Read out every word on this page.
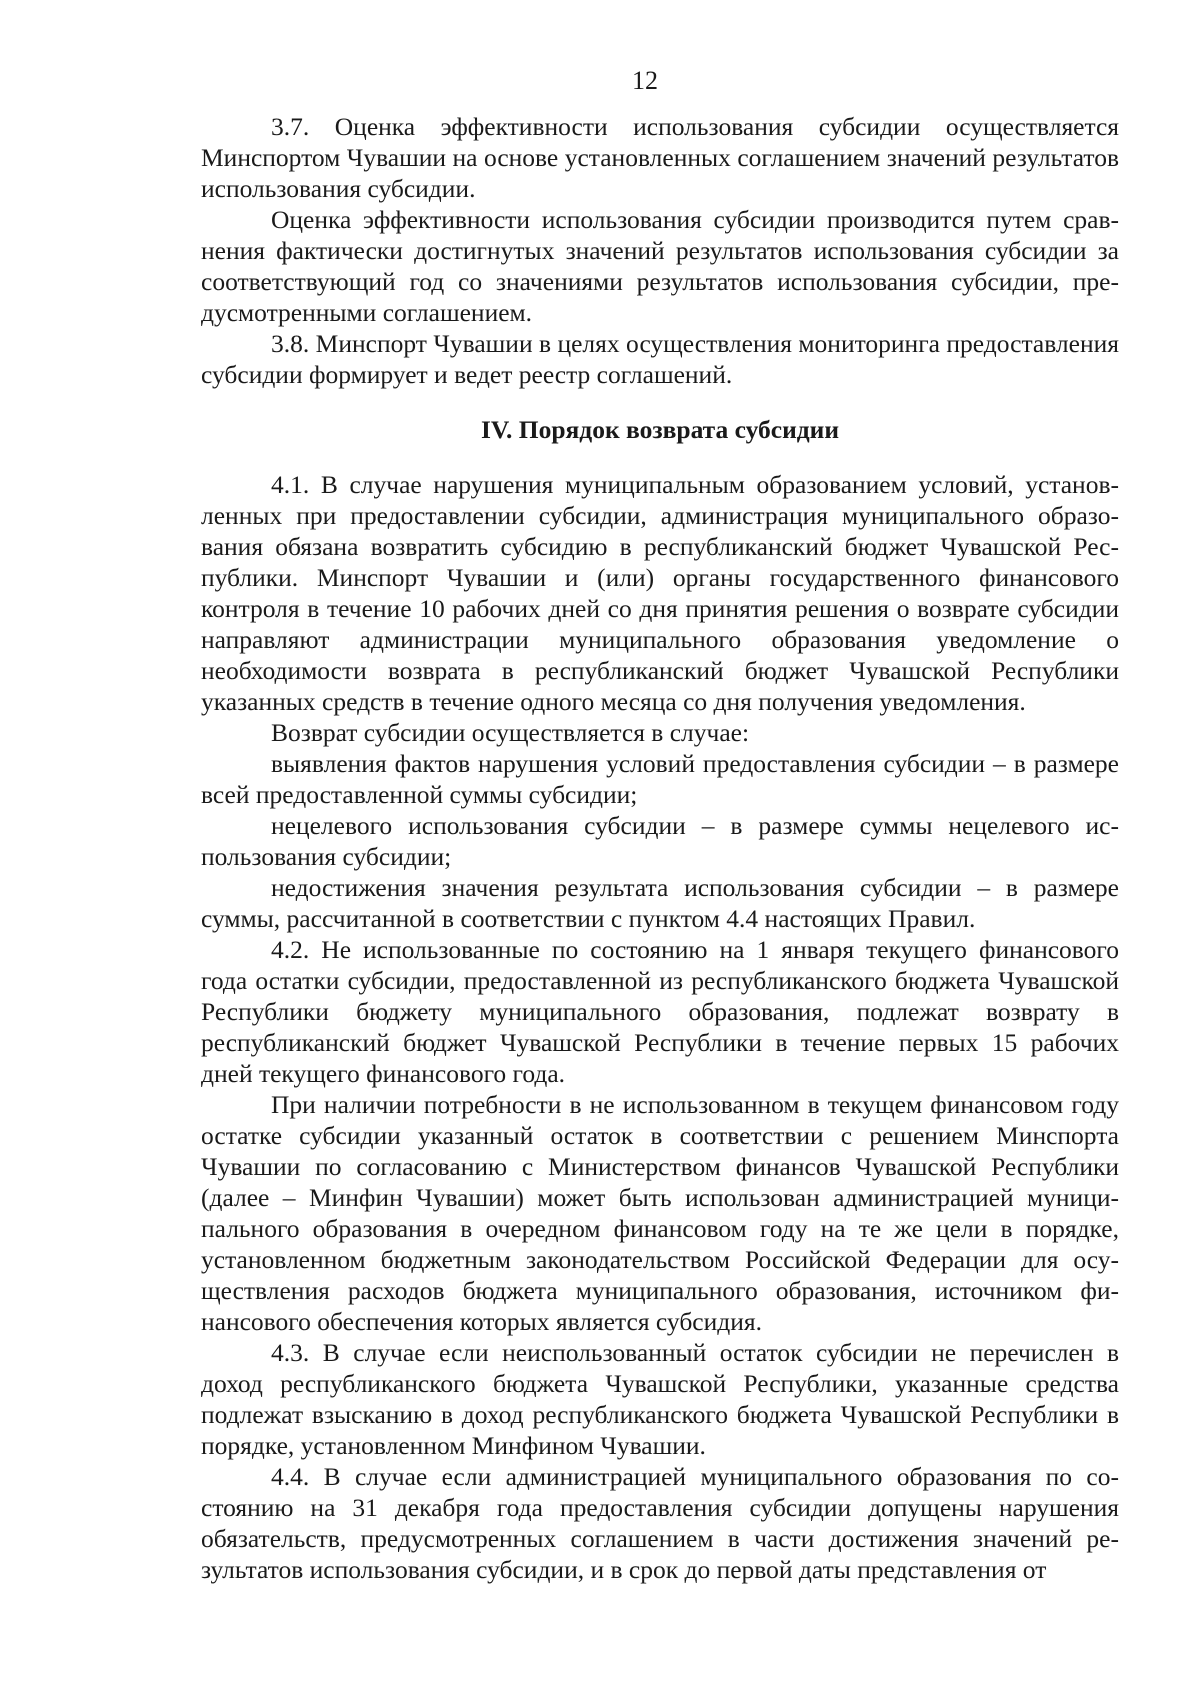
12

3.7. Оценка эффективности использования субсидии осуществляется Минспортом Чувашии на основе установленных соглашением значений результатов использования субсидии.

Оценка эффективности использования субсидии производится путем сравнения фактически достигнутых значений результатов использования субсидии за соответствующий год со значениями результатов использования субсидии, предусмотренными соглашением.

3.8. Минспорт Чувашии в целях осуществления мониторинга предоставления субсидии формирует и ведет реестр соглашений.

IV. Порядок возврата субсидии

4.1. В случае нарушения муниципальным образованием условий, установленных при предоставлении субсидии, администрация муниципального образования обязана возвратить субсидию в республиканский бюджет Чувашской Республики. Минспорт Чувашии и (или) органы государственного финансового контроля в течение 10 рабочих дней со дня принятия решения о возврате субсидии направляют администрации муниципального образования уведомление о необходимости возврата в республиканский бюджет Чувашской Республики указанных средств в течение одного месяца со дня получения уведомления.

Возврат субсидии осуществляется в случае:

выявления фактов нарушения условий предоставления субсидии – в размере всей предоставленной суммы субсидии;

нецелевого использования субсидии – в размере суммы нецелевого использования субсидии;

недостижения значения результата использования субсидии – в размере суммы, рассчитанной в соответствии с пунктом 4.4 настоящих Правил.

4.2. Не использованные по состоянию на 1 января текущего финансового года остатки субсидии, предоставленной из республиканского бюджета Чувашской Республики бюджету муниципального образования, подлежат возврату в республиканский бюджет Чувашской Республики в течение первых 15 рабочих дней текущего финансового года.

При наличии потребности в не использованном в текущем финансовом году остатке субсидии указанный остаток в соответствии с решением Минспорта Чувашии по согласованию с Министерством финансов Чувашской Республики (далее – Минфин Чувашии) может быть использован администрацией муниципального образования в очередном финансовом году на те же цели в порядке, установленном бюджетным законодательством Российской Федерации для осуществления расходов бюджета муниципального образования, источником финансового обеспечения которых является субсидия.

4.3. В случае если неиспользованный остаток субсидии не перечислен в доход республиканского бюджета Чувашской Республики, указанные средства подлежат взысканию в доход республиканского бюджета Чувашской Республики в порядке, установленном Минфином Чувашии.

4.4. В случае если администрацией муниципального образования по состоянию на 31 декабря года предоставления субсидии допущены нарушения обязательств, предусмотренных соглашением в части достижения значений результатов использования субсидии, и в срок до первой даты представления от
